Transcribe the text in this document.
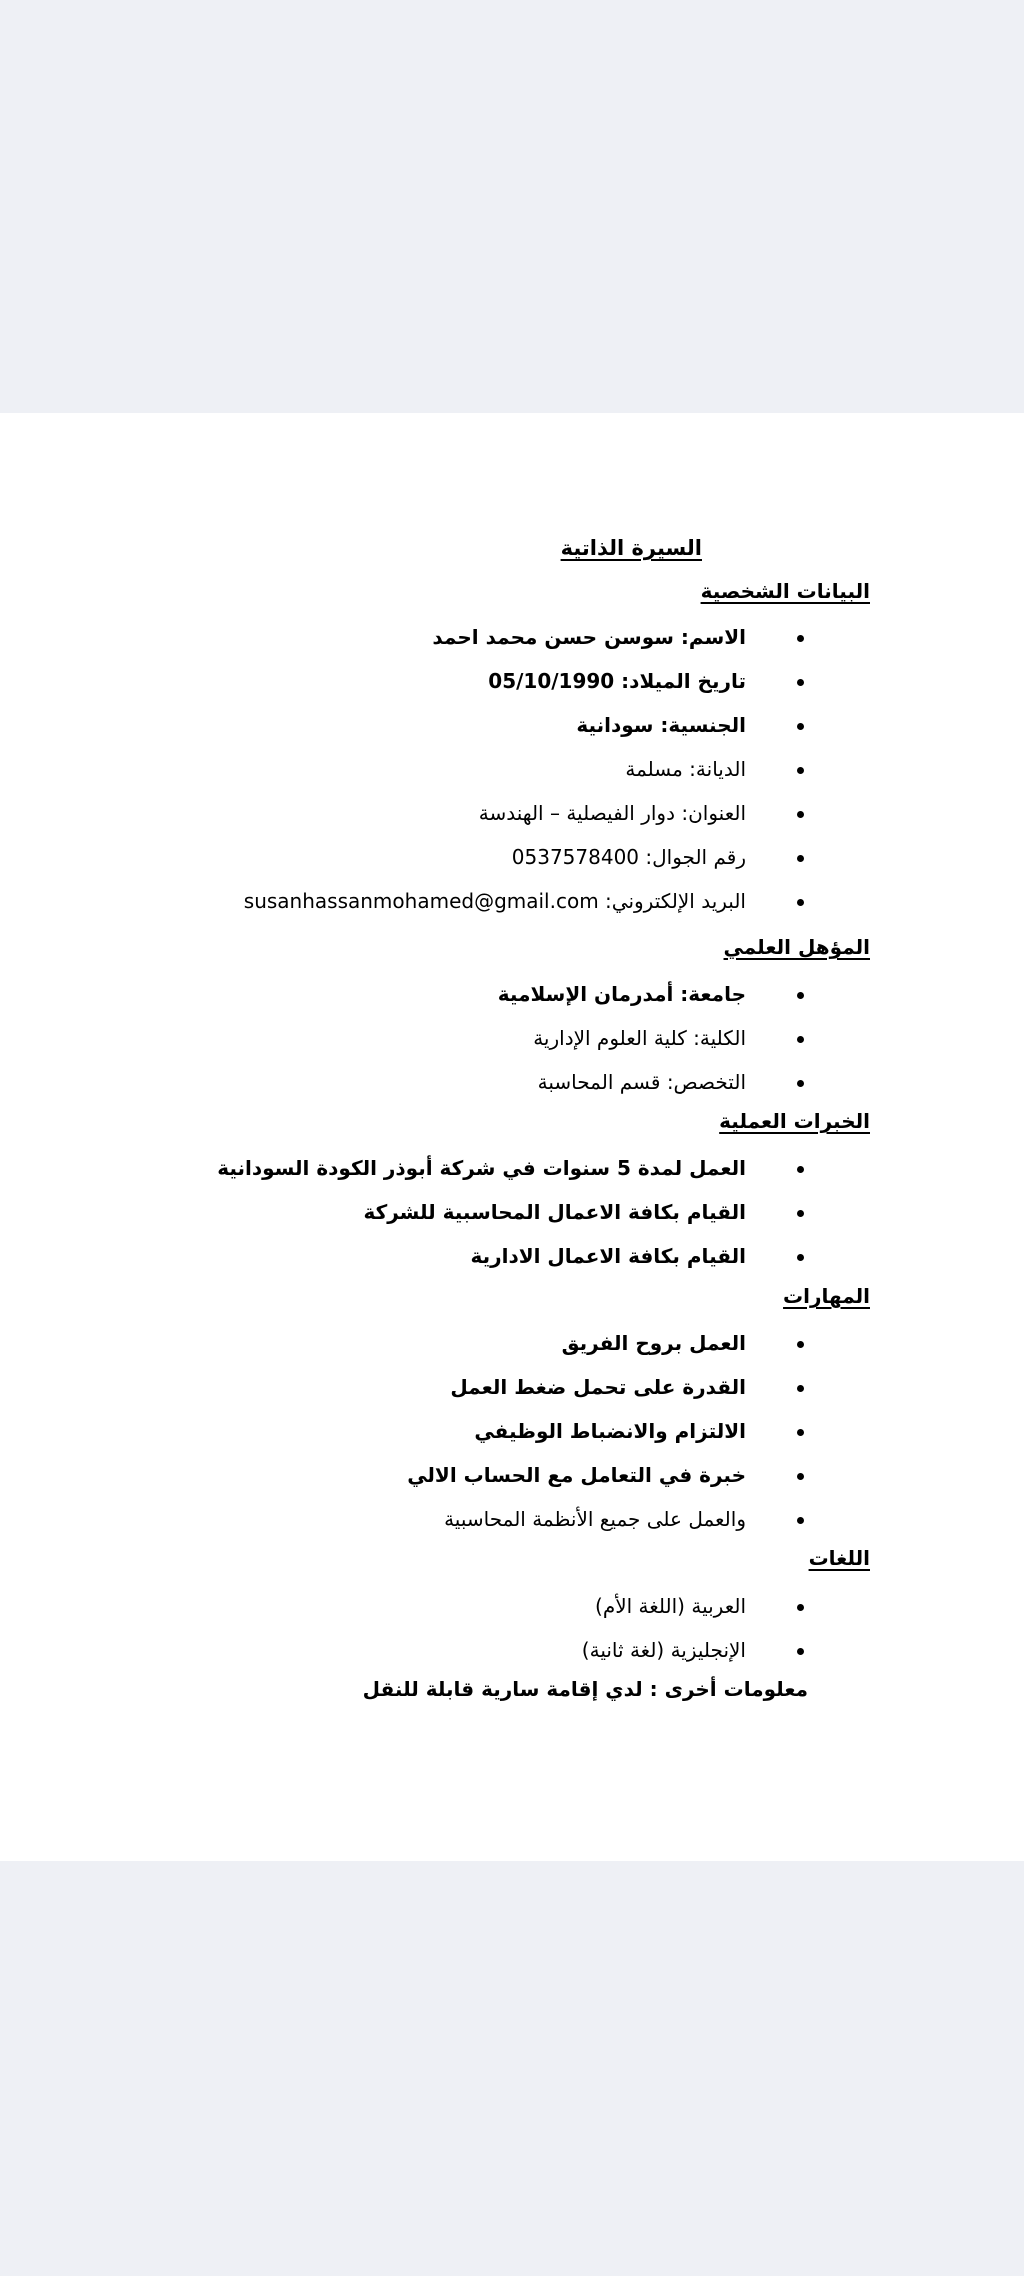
السيرة الذاتية
البيانات الشخصية
الاسم: سوسن حسن محمد احمد
تاريخ الميلاد: 05/10/1990
الجنسية: سودانية
الديانة: مسلمة
العنوان: دوار الفيصلية – الهندسة
رقم الجوال: 0537578400
البريد الإلكتروني: susanhassanmohamed@gmail.com
المؤهل العلمي
جامعة: أمدرمان الإسلامية
الكلية: كلية العلوم الإدارية
التخصص: قسم المحاسبة
الخبرات العملية
العمل لمدة 5 سنوات في شركة أبوذر الكودة السودانية
القيام بكافة الاعمال المحاسبية للشركة
القيام بكافة الاعمال الادارية
المهارات
العمل بروح الفريق
القدرة على تحمل ضغط العمل
الالتزام والانضباط الوظيفي
خبرة في التعامل مع الحساب الالي
والعمل على جميع الأنظمة المحاسبية
اللغات
العربية (اللغة الأم)
الإنجليزية (لغة ثانية)
معلومات أخرى : لدي إقامة سارية قابلة للنقل
